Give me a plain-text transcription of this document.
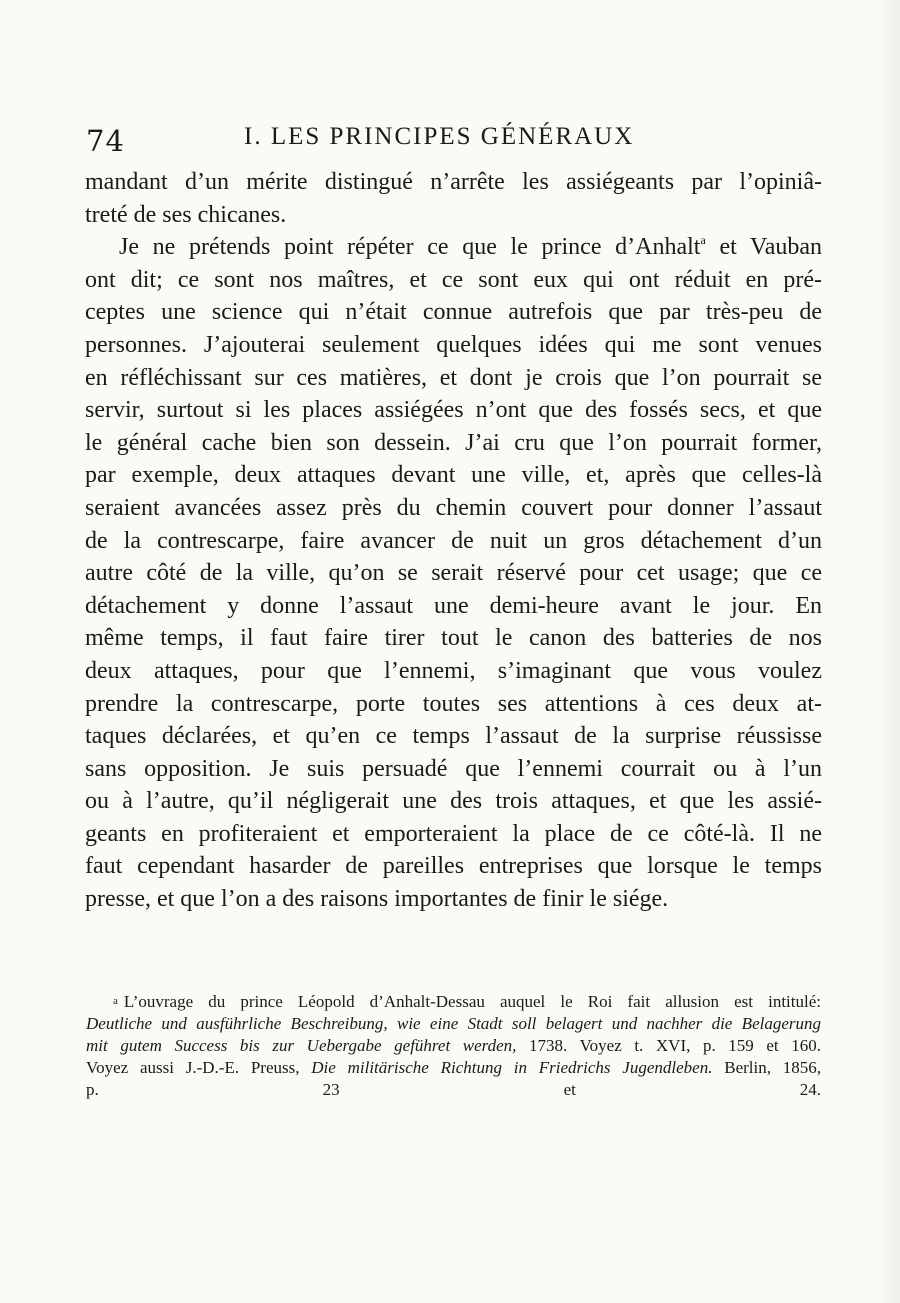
74	I. LES PRINCIPES GÉNÉRAUX
mandant d’un mérite distingué n’arrête les assiégeants par l’opiniâ-
treté de ses chicanes.
Je ne prétends point répéter ce que le prince d’Anhalt$^a$ et Vauban
ont dit; ce sont nos maîtres, et ce sont eux qui ont réduit en pré-
ceptes une science qui n’était connue autrefois que par très-peu de
personnes. J’ajouterai seulement quelques idées qui me sont venues
en réfléchissant sur ces matières, et dont je crois que l’on pourrait se
servir, surtout si les places assiégées n’ont que des fossés secs, et que
le général cache bien son dessein. J’ai cru que l’on pourrait former,
par exemple, deux attaques devant une ville, et, après que celles-là
seraient avancées assez près du chemin couvert pour donner l’assaut
de la contrescarpe, faire avancer de nuit un gros détachement d’un
autre côté de la ville, qu’on se serait réservé pour cet usage; que ce
détachement y donne l’assaut une demi-heure avant le jour. En
même temps, il faut faire tirer tout le canon des batteries de nos
deux attaques, pour que l’ennemi, s’imaginant que vous voulez
prendre la contrescarpe, porte toutes ses attentions à ces deux at-
taques déclarées, et qu’en ce temps l’assaut de la surprise réussisse
sans opposition. Je suis persuadé que l’ennemi courrait ou à l’un
ou à l’autre, qu’il négligerait une des trois attaques, et que les assié-
geants en profiteraient et emporteraient la place de ce côté-là. Il ne
faut cependant hasarder de pareilles entreprises que lorsque le temps
presse, et que l’on a des raisons importantes de finir le siége.
a L’ouvrage du prince Léopold d’Anhalt-Dessau auquel le Roi fait allusion est intitulé:
Deutliche und ausführliche Beschreibung, wie eine Stadt soll belagert und nachher die Belagerung
mit gutem Success bis zur Uebergabe geführet werden, 1738. Voyez t. XVI, p. 159 et 160.
Voyez aussi J.-D.-E. Preuss, Die militärische Richtung in Friedrichs Jugendleben. Berlin, 1856,
p. 23 et 24.
